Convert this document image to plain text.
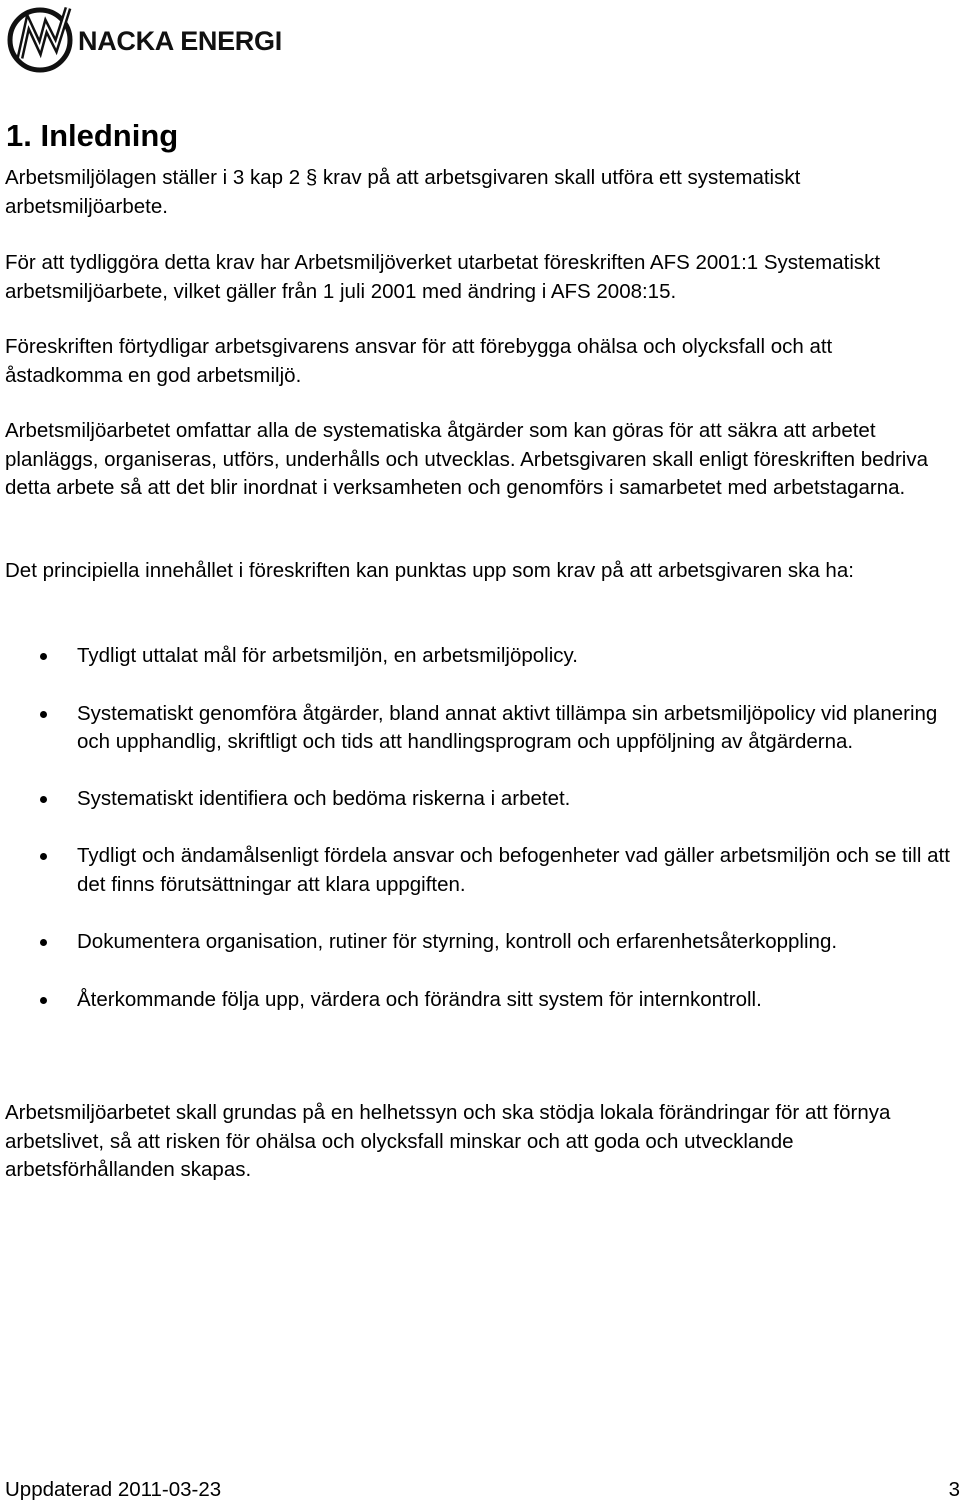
NACKA ENERGI
1. Inledning

Arbetsmiljölagen ställer i 3 kap 2 § krav på att arbetsgivaren skall utföra ett systematiskt arbetsmiljöarbete.

För att tydliggöra detta krav har Arbetsmiljöverket utarbetat föreskriften AFS 2001:1 Systematiskt arbetsmiljöarbete, vilket gäller från 1 juli 2001 med ändring i AFS 2008:15.

Föreskriften förtydligar arbetsgivarens ansvar för att förebygga ohälsa och olycksfall och att åstadkomma en god arbetsmiljö.

Arbetsmiljöarbetet omfattar alla de systematiska åtgärder som kan göras för att säkra att arbetet planläggs, organiseras, utförs, underhålls och utvecklas. Arbetsgivaren skall enligt föreskriften bedriva detta arbete så att det blir inordnat i verksamheten och genomförs i samarbetet med arbetstagarna.

Det principiella innehållet i föreskriften kan punktas upp som krav på att arbetsgivaren ska ha:

Tydligt uttalat mål för arbetsmiljön, en arbetsmiljöpolicy.
Systematiskt genomföra åtgärder, bland annat aktivt tillämpa sin arbetsmiljöpolicy vid planering och upphandlig, skriftligt och tids att handlingsprogram och uppföljning av åtgärderna.
Systematiskt identifiera och bedöma riskerna i arbetet.
Tydligt och ändamålsenligt fördela ansvar och befogenheter vad gäller arbetsmiljön och se till att det finns förutsättningar att klara uppgiften.
Dokumentera organisation, rutiner för styrning, kontroll och erfarenhetsåterkoppling.
Återkommande följa upp, värdera och förändra sitt system för internkontroll.

Arbetsmiljöarbetet skall grundas på en helhetssyn och ska stödja lokala förändringar för att förnya arbetslivet, så att risken för ohälsa och olycksfall minskar och att goda och utvecklande arbetsförhållanden skapas.

Uppdaterad 2011-03-23	3
